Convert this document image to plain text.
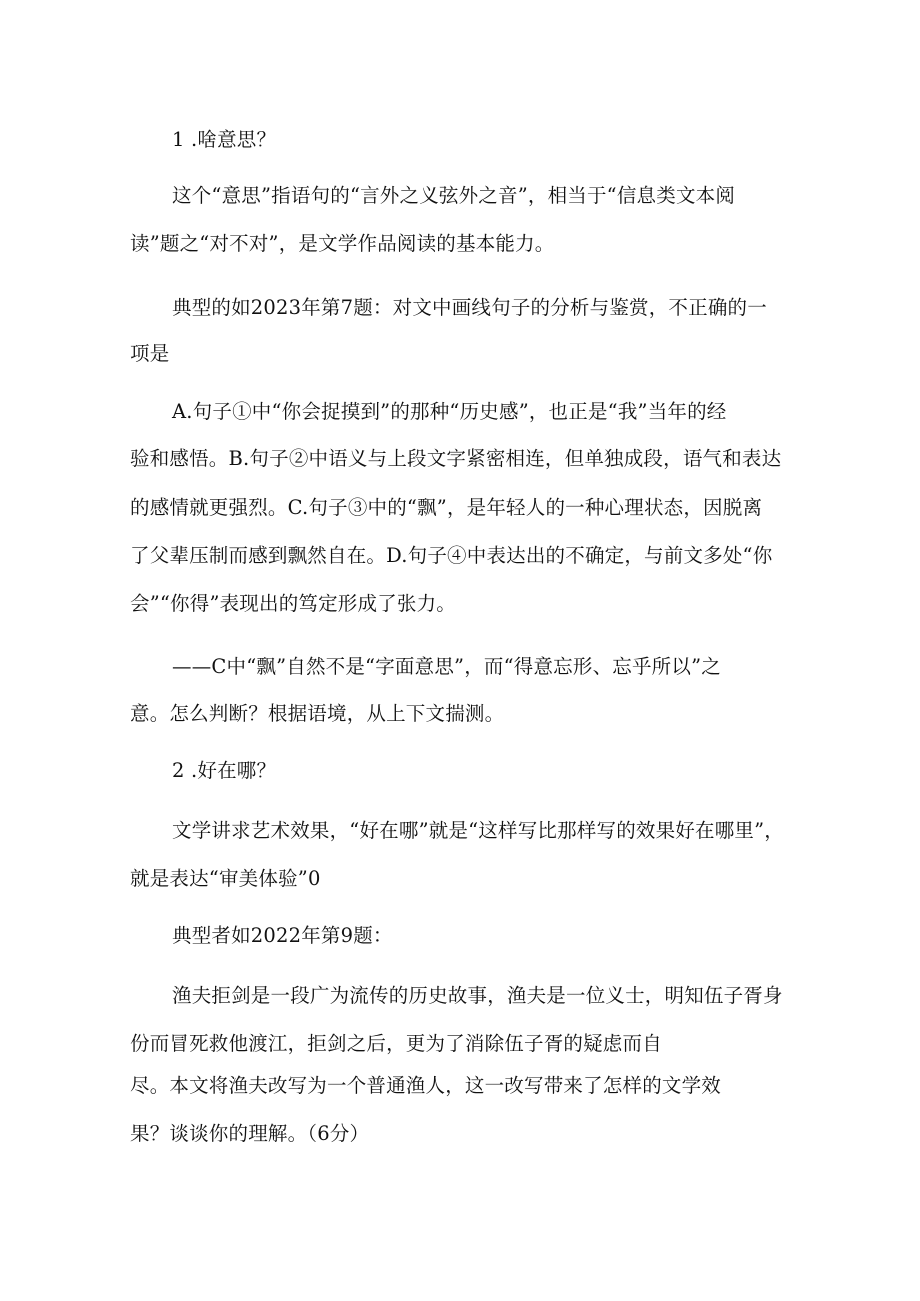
1 .啥意思？
这个“意思”指语句的“言外之义弦外之音”，相当于“信息类文本阅
读”题之“对不对”，是文学作品阅读的基本能力。
典型的如2023年第7题：对文中画线句子的分析与鉴赏，不正确的一
项是
A.句子①中“你会捉摸到”的那种“历史感”，也正是“我”当年的经
验和感悟。B.句子②中语义与上段文字紧密相连，但单独成段，语气和表达
的感情就更强烈。C.句子③中的“飘”，是年轻人的一种心理状态，因脱离
了父辈压制而感到飘然自在。D.句子④中表达出的不确定，与前文多处“你
会”“你得”表现出的笃定形成了张力。
——C中“飘”自然不是“字面意思”，而“得意忘形、忘乎所以”之
意。怎么判断？根据语境，从上下文揣测。
2 .好在哪？
文学讲求艺术效果，“好在哪”就是“这样写比那样写的效果好在哪里”，
就是表达“审美体验”0
典型者如2022年第9题：
渔夫拒剑是一段广为流传的历史故事，渔夫是一位义士，明知伍子胥身
份而冒死救他渡江，拒剑之后，更为了消除伍子胥的疑虑而自
尽。本文将渔夫改写为一个普通渔人，这一改写带来了怎样的文学效
果？谈谈你的理解。（6分）
